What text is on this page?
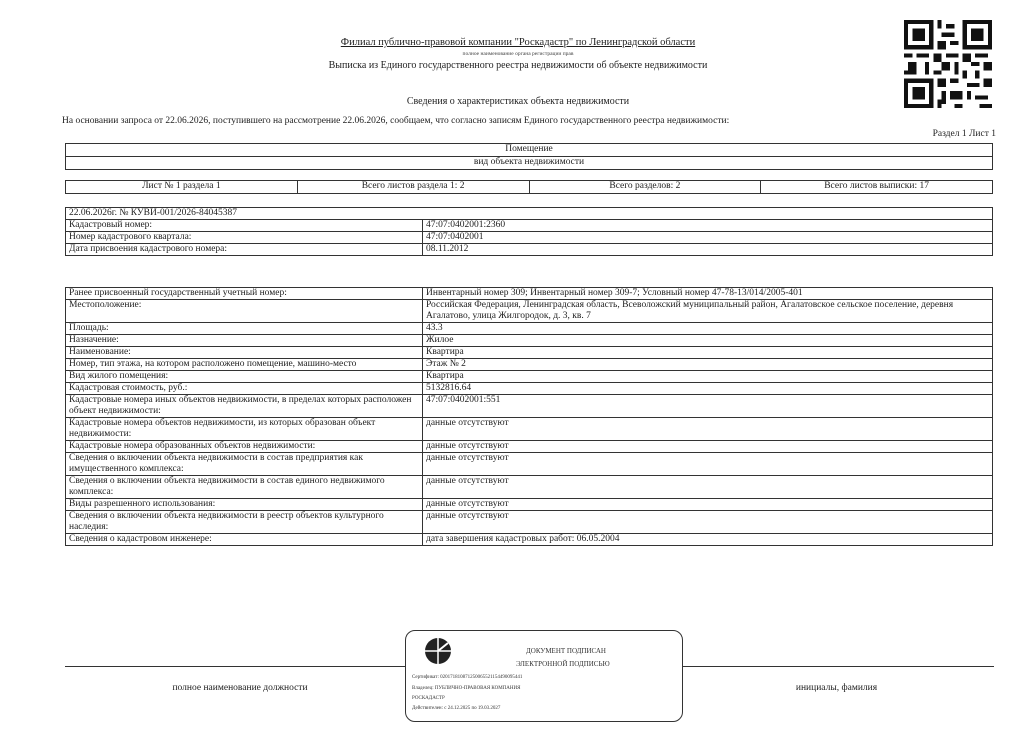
Филиал публично-правовой компании "Роскадастр" по Ленинградской области
полное наименование органа регистрации прав
Выписка из Единого государственного реестра недвижимости об объекте недвижимости
Сведения о характеристиках объекта недвижимости
На основании запроса от 22.06.2026, поступившего на рассмотрение 22.06.2026, сообщаем, что согласно записям Единого государственного реестра недвижимости:
Раздел 1 Лист 1
Помещение
вид объекта недвижимости
Лист № 1 раздела 1	Всего листов раздела 1: 2	Всего разделов: 2	Всего листов выписки: 17
22.06.2026г. № КУВИ-001/2026-84045387	
Кадастровый номер:	47:07:0402001:2360
Номер кадастрового квартала:	47:07:0402001
Дата присвоения кадастрового номера:	08.11.2012
Ранее присвоенный государственный учетный номер:	Инвентарный номер 309; Инвентарный номер 309-7; Условный номер 47-78-13/014/2005-401
Местоположение:	Российская Федерация, Ленинградская область, Всеволожский муниципальный район, Агалатовское сельское поселение, деревня Агалатово, улица Жилгородок, д. 3, кв. 7
Площадь:	43.3
Назначение:	Жилое
Наименование:	Квартира
Номер, тип этажа, на котором расположено помещение, машино-место	Этаж № 2
Вид жилого помещения:	Квартира
Кадастровая стоимость, руб.:	5132816.64
Кадастровые номера иных объектов недвижимости, в пределах которых расположен объект недвижимости:	47:07:0402001:551
Кадастровые номера объектов недвижимости, из которых образован объект недвижимости:	данные отсутствуют
Кадастровые номера образованных объектов недвижимости:	данные отсутствуют
Сведения о включении объекта недвижимости в состав предприятия как имущественного комплекса:	данные отсутствуют
Сведения о включении объекта недвижимости в состав единого недвижимого комплекса:	данные отсутствуют
Виды разрешенного использования:	данные отсутствуют
Сведения о включении объекта недвижимости в реестр объектов культурного наследия:	данные отсутствуют
Сведения о кадастровом инженере:	дата завершения кадастровых работ: 06.05.2004
полное наименование должности	инициалы, фамилия
ДОКУМЕНТ ПОДПИСАН
ЭЛЕКТРОННОЙ ПОДПИСЬЮ
Сертификат: 020171810871250065521154490095441
Владелец: ПУБЛИЧНО-ПРАВОВАЯ КОМПАНИЯ
РОСКАДАСТР
Действителен: с 24.12.2025 по 19.03.2027
